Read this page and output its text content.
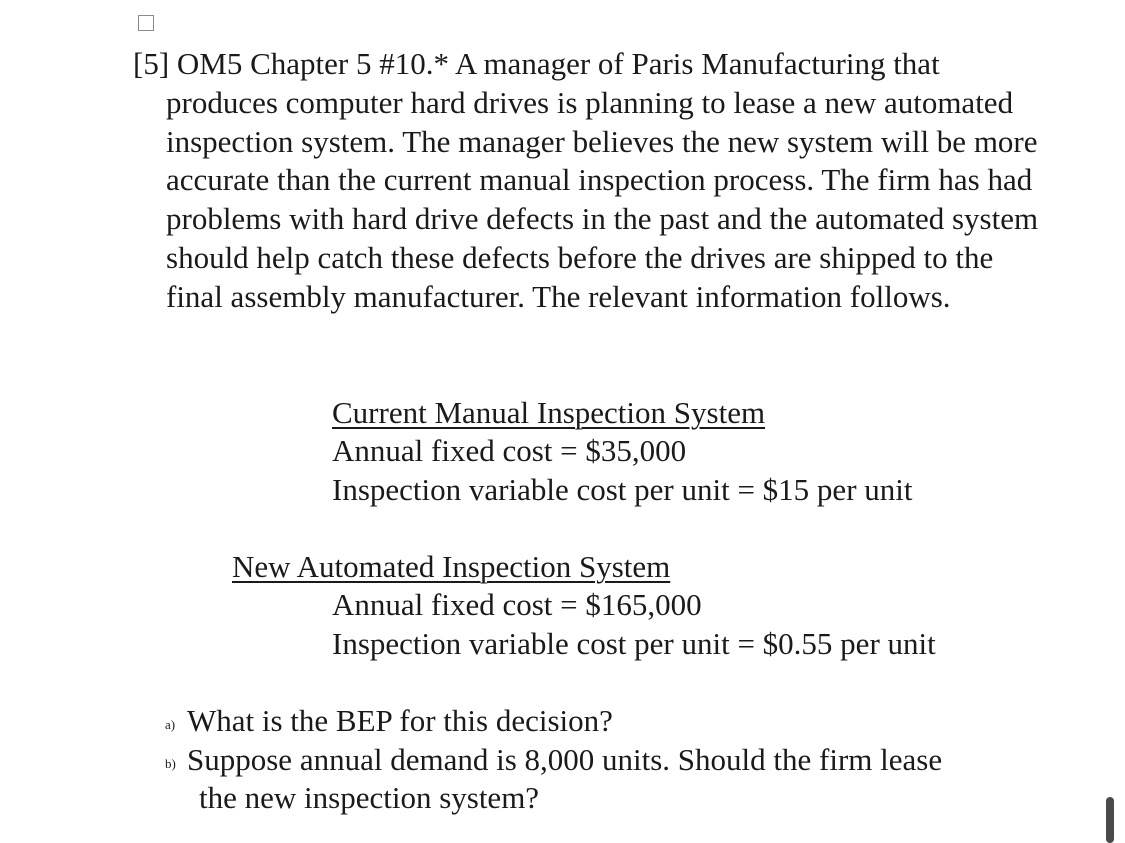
[5] OM5 Chapter 5 #10.* A manager of Paris Manufacturing that produces computer hard drives is planning to lease a new automated inspection system. The manager believes the new system will be more accurate than the current manual inspection process. The firm has had problems with hard drive defects in the past and the automated system should help catch these defects before the drives are shipped to the final assembly manufacturer. The relevant information follows.
Current Manual Inspection System
Annual fixed cost = $35,000
Inspection variable cost per unit = $15 per unit
New Automated Inspection System
Annual fixed cost = $165,000
Inspection variable cost per unit = $0.55 per unit
a) What is the BEP for this decision?
b) Suppose annual demand is 8,000 units. Should the firm lease
the new inspection system?
